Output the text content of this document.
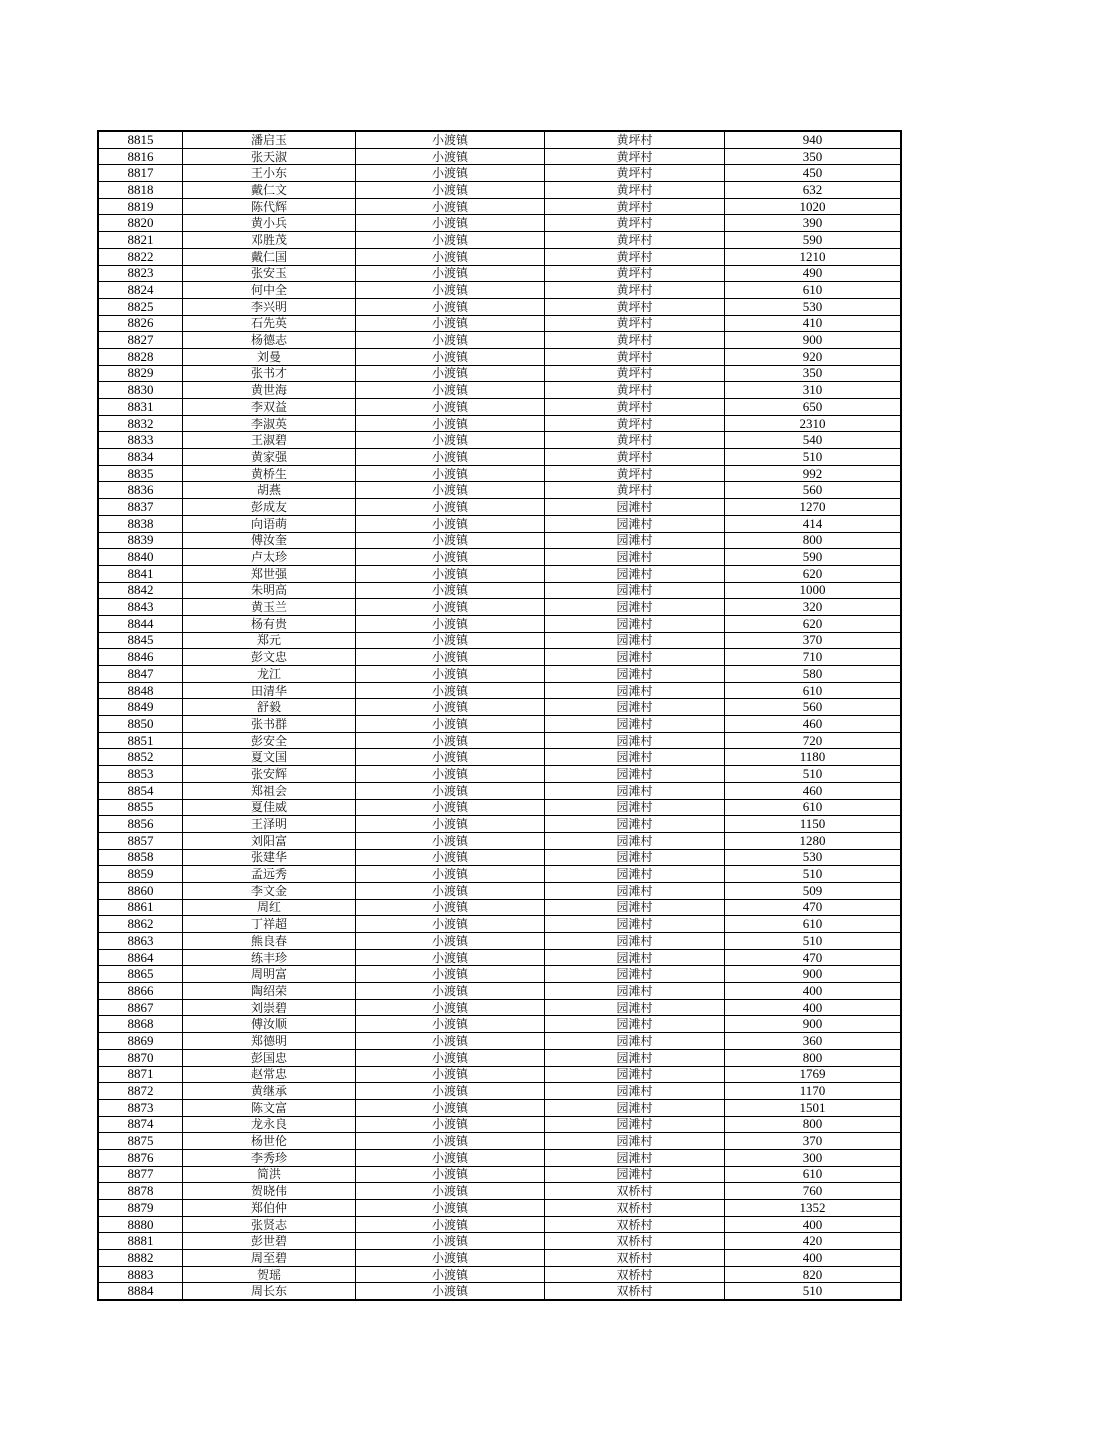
8815	潘启玉	小渡镇	黄坪村	940
8816	张天淑	小渡镇	黄坪村	350
8817	王小东	小渡镇	黄坪村	450
8818	戴仁文	小渡镇	黄坪村	632
8819	陈代辉	小渡镇	黄坪村	1020
8820	黄小兵	小渡镇	黄坪村	390
8821	邓胜茂	小渡镇	黄坪村	590
8822	戴仁国	小渡镇	黄坪村	1210
8823	张安玉	小渡镇	黄坪村	490
8824	何中全	小渡镇	黄坪村	610
8825	李兴明	小渡镇	黄坪村	530
8826	石先英	小渡镇	黄坪村	410
8827	杨德志	小渡镇	黄坪村	900
8828	刘曼	小渡镇	黄坪村	920
8829	张书才	小渡镇	黄坪村	350
8830	黄世海	小渡镇	黄坪村	310
8831	李双益	小渡镇	黄坪村	650
8832	李淑英	小渡镇	黄坪村	2310
8833	王淑碧	小渡镇	黄坪村	540
8834	黄家强	小渡镇	黄坪村	510
8835	黄桥生	小渡镇	黄坪村	992
8836	胡燕	小渡镇	黄坪村	560
8837	彭成友	小渡镇	园滩村	1270
8838	向语萌	小渡镇	园滩村	414
8839	傅汝奎	小渡镇	园滩村	800
8840	卢太珍	小渡镇	园滩村	590
8841	郑世强	小渡镇	园滩村	620
8842	朱明高	小渡镇	园滩村	1000
8843	黄玉兰	小渡镇	园滩村	320
8844	杨有贵	小渡镇	园滩村	620
8845	郑元	小渡镇	园滩村	370
8846	彭文忠	小渡镇	园滩村	710
8847	龙江	小渡镇	园滩村	580
8848	田清华	小渡镇	园滩村	610
8849	舒毅	小渡镇	园滩村	560
8850	张书群	小渡镇	园滩村	460
8851	彭安全	小渡镇	园滩村	720
8852	夏文国	小渡镇	园滩村	1180
8853	张安辉	小渡镇	园滩村	510
8854	郑祖会	小渡镇	园滩村	460
8855	夏佳威	小渡镇	园滩村	610
8856	王泽明	小渡镇	园滩村	1150
8857	刘阳富	小渡镇	园滩村	1280
8858	张建华	小渡镇	园滩村	530
8859	孟远秀	小渡镇	园滩村	510
8860	李文金	小渡镇	园滩村	509
8861	周红	小渡镇	园滩村	470
8862	丁祥超	小渡镇	园滩村	610
8863	熊良春	小渡镇	园滩村	510
8864	练丰珍	小渡镇	园滩村	470
8865	周明富	小渡镇	园滩村	900
8866	陶绍荣	小渡镇	园滩村	400
8867	刘崇碧	小渡镇	园滩村	400
8868	傅汝顺	小渡镇	园滩村	900
8869	郑德明	小渡镇	园滩村	360
8870	彭国忠	小渡镇	园滩村	800
8871	赵常忠	小渡镇	园滩村	1769
8872	黄继承	小渡镇	园滩村	1170
8873	陈文富	小渡镇	园滩村	1501
8874	龙永良	小渡镇	园滩村	800
8875	杨世伦	小渡镇	园滩村	370
8876	李秀珍	小渡镇	园滩村	300
8877	简洪	小渡镇	园滩村	610
8878	贺晓伟	小渡镇	双桥村	760
8879	郑伯仲	小渡镇	双桥村	1352
8880	张贤志	小渡镇	双桥村	400
8881	彭世碧	小渡镇	双桥村	420
8882	周至碧	小渡镇	双桥村	400
8883	贺瑶	小渡镇	双桥村	820
8884	周长东	小渡镇	双桥村	510
